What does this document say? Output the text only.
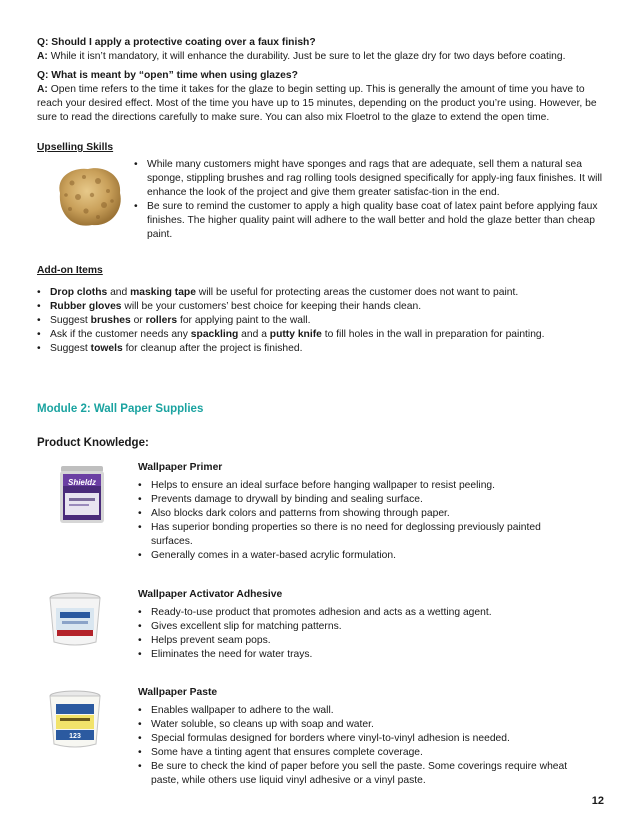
Q: Should I apply a protective coating over a faux finish?
A: While it isn’t mandatory, it will enhance the durability. Just be sure to let the glaze dry for two days before coating.
Q: What is meant by “open” time when using glazes?
A: Open time refers to the time it takes for the glaze to begin setting up. This is generally the amount of time you have to reach your desired effect. Most of the time you have up to 15 minutes, depending on the product you’re using. However, be sure to read the directions carefully to make sure. You can also mix Floetrol to the glaze to extend the open time.
Upselling Skills
• While many customers might have sponges and rags that are adequate, sell them a natural sea sponge, stippling brushes and rag rolling tools designed specifically for apply-ing faux finishes. It will enhance the look of the project and give them greater satisfac-tion in the end.
• Be sure to remind the customer to apply a high quality base coat of latex paint before applying faux finishes. The higher quality paint will adhere to the wall better and hold the glaze better than cheap paint.
Add-on Items
• Drop cloths and masking tape will be useful for protecting areas the customer does not want to paint.
• Rubber gloves will be your customers’ best choice for keeping their hands clean.
• Suggest brushes or rollers for applying paint to the wall.
• Ask if the customer needs any spackling and a putty knife to fill holes in the wall in preparation for painting.
• Suggest towels for cleanup after the project is finished.
Module 2: Wall Paper Supplies
Product Knowledge:
Shieldz
Wallpaper Primer
• Helps to ensure an ideal surface before hanging wallpaper to resist peeling.
• Prevents damage to drywall by binding and sealing surface.
• Also blocks dark colors and patterns from showing through paper.
• Has superior bonding properties so there is no need for deglossing previously painted surfaces.
• Generally comes in a water-based acrylic formulation.
Wallpaper Activator Adhesive
• Ready-to-use product that promotes adhesion and acts as a wetting agent.
• Gives excellent slip for matching patterns.
• Helps prevent seam pops.
• Eliminates the need for water trays.
123
Wallpaper Paste
• Enables wallpaper to adhere to the wall.
• Water soluble, so cleans up with soap and water.
• Special formulas designed for borders where vinyl-to-vinyl adhesion is needed.
• Some have a tinting agent that ensures complete coverage.
• Be sure to check the kind of paper before you sell the paste. Some coverings require wheat paste, while others use liquid vinyl adhesive or a vinyl paste.
12
